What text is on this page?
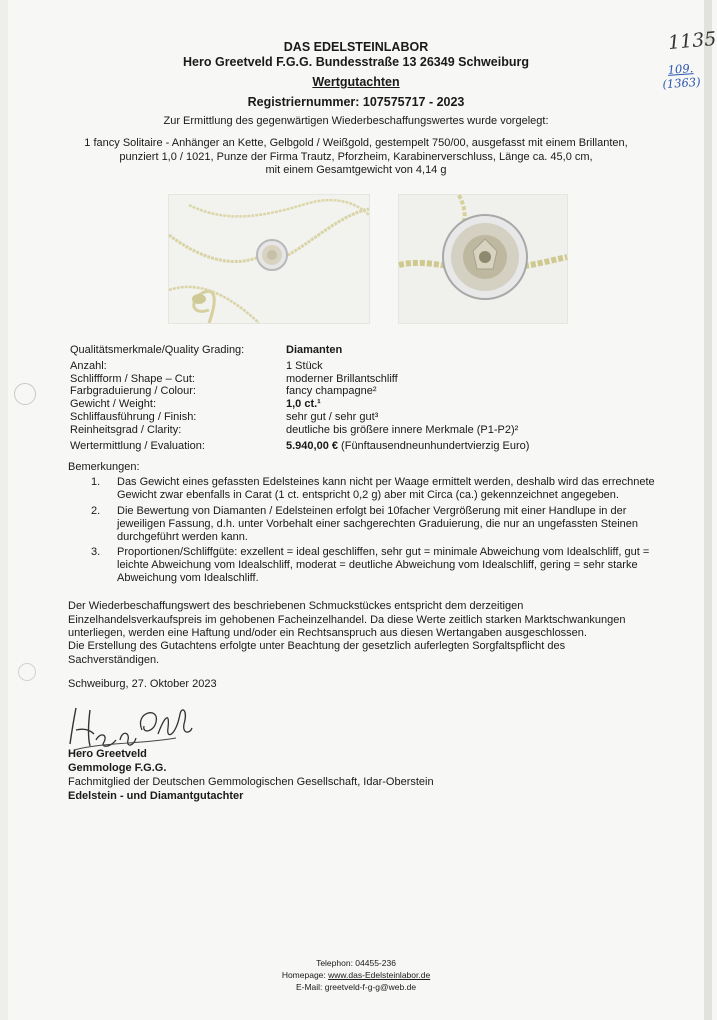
DAS EDELSTEINLABOR
Hero Greetveld F.G.G. Bundesstraße 13 26349 Schweiburg
Wertgutachten
Registriernummer: 107575717 - 2023
1135
109.
(1363)
Zur Ermittlung des gegenwärtigen Wiederbeschaffungswertes wurde vorgelegt:
1 fancy Solitaire - Anhänger an Kette, Gelbgold / Weißgold, gestempelt 750/00, ausgefasst mit einem Brillanten,
punziert 1,0 / 1021, Punze der Firma Trautz, Pforzheim, Karabinerverschluss, Länge ca. 45,0 cm,
mit einem Gesamtgewicht von 4,14 g
Qualitätsmerkmale/Quality Grading:	Diamanten
Anzahl:	1 Stück
Schliffform / Shape – Cut:	moderner Brillantschliff
Farbgraduierung / Colour:	fancy champagne²
Gewicht / Weight:	1,0 ct.¹
Schliffausführung / Finish:	sehr gut / sehr gut³
Reinheitsgrad / Clarity:	deutliche bis größere innere Merkmale (P1-P2)²
Wertermittlung / Evaluation:	5.940,00 € (Fünftausendneunhundertvierzig Euro)
Bemerkungen:
1. Das Gewicht eines gefassten Edelsteines kann nicht per Waage ermittelt werden, deshalb wird das errechnete
Gewicht zwar ebenfalls in Carat (1 ct. entspricht 0,2 g) aber mit Circa (ca.) gekennzeichnet angegeben.
2. Die Bewertung von Diamanten / Edelsteinen erfolgt bei 10facher Vergrößerung mit einer Handlupe in der
jeweiligen Fassung, d.h. unter Vorbehalt einer sachgerechten Graduierung, die nur an ungefassten Steinen
durchgeführt werden kann.
3. Proportionen/Schliffgüte: exzellent = ideal geschliffen, sehr gut = minimale Abweichung vom Idealschliff, gut =
leichte Abweichung vom Idealschliff, moderat = deutliche Abweichung vom Idealschliff, gering = sehr starke
Abweichung vom Idealschliff.
Der Wiederbeschaffungswert des beschriebenen Schmuckstückes entspricht dem derzeitigen
Einzelhandelsverkaufspreis im gehobenen Facheinzelhandel. Da diese Werte zeitlich starken Marktschwankungen
unterliegen, werden eine Haftung und/oder ein Rechtsanspruch aus diesen Wertangaben ausgeschlossen.
Die Erstellung des Gutachtens erfolgte unter Beachtung der gesetzlich auferlegten Sorgfaltspflicht des
Sachverständigen.
Schweiburg, 27. Oktober 2023
Hero Greetveld
Gemmologe F.G.G.
Fachmitglied der Deutschen Gemmologischen Gesellschaft, Idar-Oberstein
Edelstein - und Diamantgutachter
Telephon: 04455-236
Homepage: www.das-Edelsteinlabor.de
E-Mail: greetveld-f-g-g@web.de
